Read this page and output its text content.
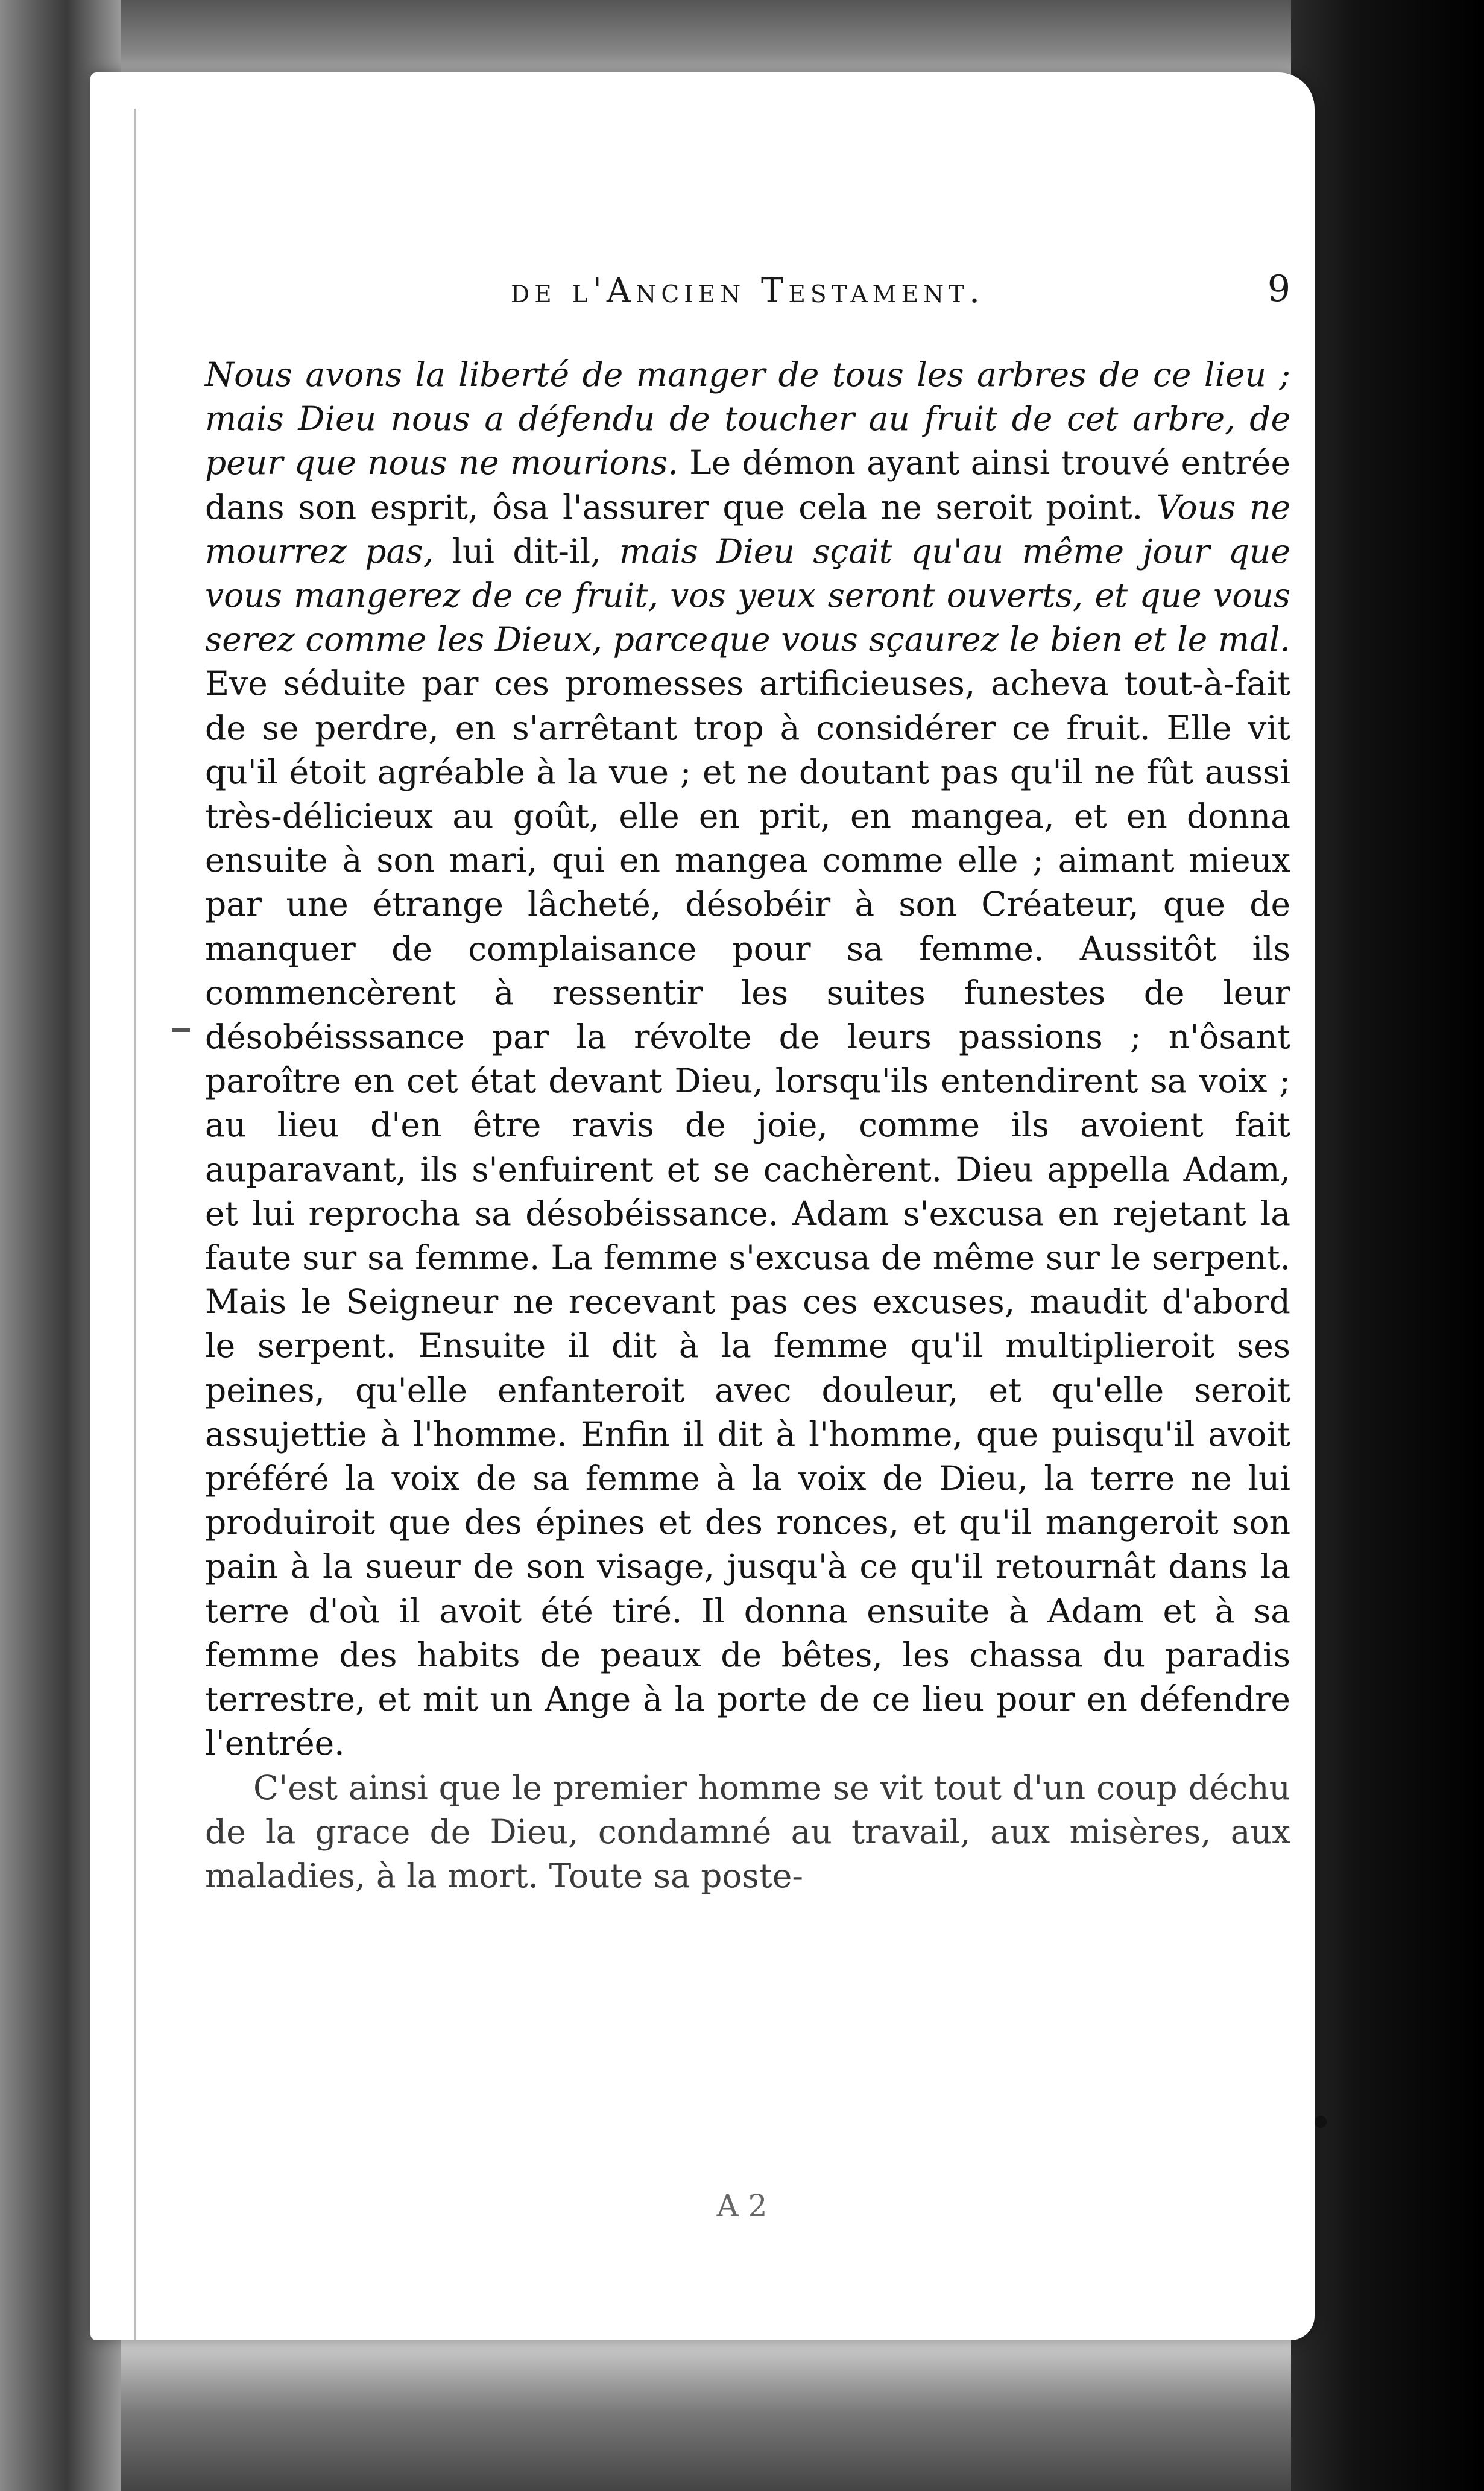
de l'Ancien Testament.	9

Nous avons la liberté de manger de tous les arbres de ce lieu ; mais Dieu nous a défendu de toucher au fruit de cet arbre, de peur que nous ne mourions. Le démon ayant ainsi trouvé entrée dans son esprit, ôsa l'assurer que cela ne seroit point. Vous ne mourrez pas, lui dit-il, mais Dieu sçait qu'au même jour que vous mangerez de ce fruit, vos yeux seront ouverts, et que vous serez comme les Dieux, parceque vous sçaurez le bien et le mal. Eve séduite par ces promesses artificieuses, acheva tout-à-fait de se perdre, en s'arrêtant trop à considérer ce fruit. Elle vit qu'il étoit agréable à la vue ; et ne doutant pas qu'il ne fût aussi très-délicieux au goût, elle en prit, en mangea, et en donna ensuite à son mari, qui en mangea comme elle ; aimant mieux par une étrange lâcheté, désobéir à son Créateur, que de manquer de complaisance pour sa femme. Aussitôt ils commencèrent à ressentir les suites funestes de leur désobéisssance par la révolte de leurs passions ; n'ôsant paroître en cet état devant Dieu, lorsqu'ils entendirent sa voix ; au lieu d'en être ravis de joie, comme ils avoient fait auparavant, ils s'enfuirent et se cachèrent. Dieu appella Adam, et lui reprocha sa désobéissance. Adam s'excusa en rejetant la faute sur sa femme. La femme s'excusa de même sur le serpent. Mais le Seigneur ne recevant pas ces excuses, maudit d'abord le serpent. Ensuite il dit à la femme qu'il multiplieroit ses peines, qu'elle enfanteroit avec douleur, et qu'elle seroit assujettie à l'homme. Enfin il dit à l'homme, que puisqu'il avoit préféré la voix de sa femme à la voix de Dieu, la terre ne lui produiroit que des épines et des ronces, et qu'il mangeroit son pain à la sueur de son visage, jusqu'à ce qu'il retournât dans la terre d'où il avoit été tiré. Il donna ensuite à Adam et à sa femme des habits de peaux de bêtes, les chassa du paradis terrestre, et mit un Ange à la porte de ce lieu pour en défendre l'entrée.

C'est ainsi que le premier homme se vit tout d'un coup déchu de la grace de Dieu, condamné au travail, aux misères, aux maladies, à la mort. Toute sa poste-

A 2
